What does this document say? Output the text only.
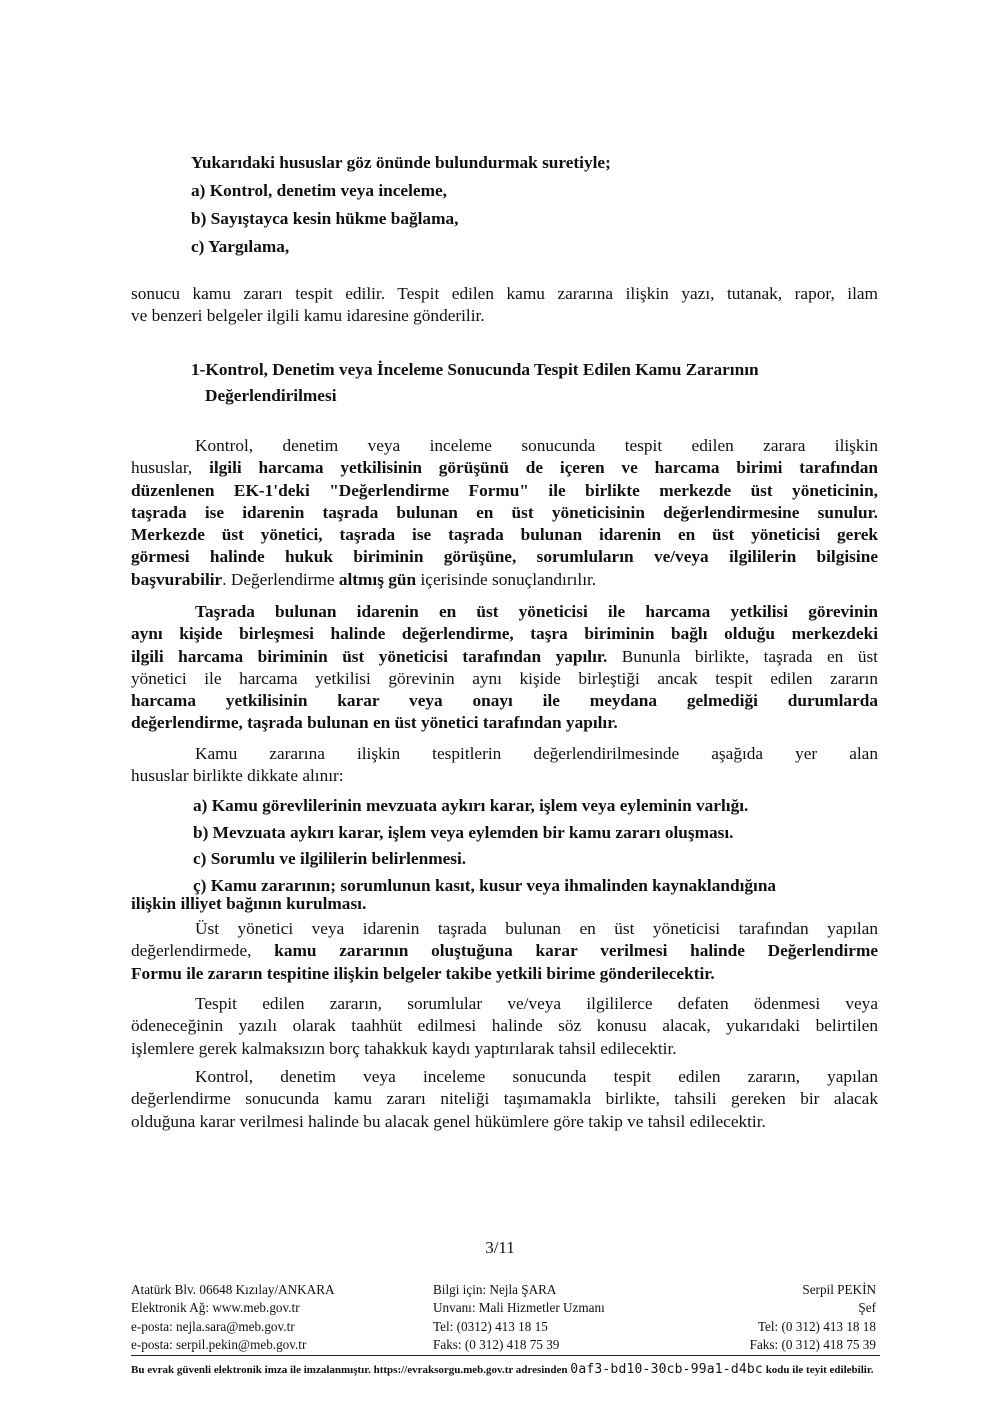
Yukarıdaki hususlar göz önünde bulundurmak suretiyle;
a) Kontrol, denetim veya inceleme,
b) Sayıştayca kesin hükme bağlama,
c) Yargılama,
sonucu kamu zararı tespit edilir. Tespit edilen kamu zararına ilişkin yazı, tutanak, rapor, ilam
ve benzeri belgeler ilgili kamu idaresine gönderilir.
1-Kontrol, Denetim veya İnceleme Sonucunda Tespit Edilen Kamu Zararının
Değerlendirilmesi
Kontrol, denetim veya inceleme sonucunda tespit edilen zarara ilişkin
hususlar, ilgili harcama yetkilisinin görüşünü de içeren ve harcama birimi tarafından
düzenlenen EK-1'deki "Değerlendirme Formu" ile birlikte merkezde üst yöneticinin,
taşrada ise idarenin taşrada bulunan en üst yöneticisinin değerlendirmesine sunulur.
Merkezde üst yönetici, taşrada ise taşrada bulunan idarenin en üst yöneticisi gerek
görmesi halinde hukuk biriminin görüşüne, sorumluların ve/veya ilgililerin bilgisine
başvurabilir. Değerlendirme altmış gün içerisinde sonuçlandırılır.
Taşrada bulunan idarenin en üst yöneticisi ile harcama yetkilisi görevinin
aynı kişide birleşmesi halinde değerlendirme, taşra biriminin bağlı olduğu merkezdeki
ilgili harcama biriminin üst yöneticisi tarafından yapılır. Bununla birlikte, taşrada en üst
yönetici ile harcama yetkilisi görevinin aynı kişide birleştiği ancak tespit edilen zararın
harcama yetkilisinin karar veya onayı ile meydana gelmediği durumlarda
değerlendirme, taşrada bulunan en üst yönetici tarafından yapılır.
Kamu zararına ilişkin tespitlerin değerlendirilmesinde aşağıda yer alan
hususlar birlikte dikkate alınır:
a) Kamu görevlilerinin mevzuata aykırı karar, işlem veya eyleminin varlığı.
b) Mevzuata aykırı karar, işlem veya eylemden bir kamu zararı oluşması.
c) Sorumlu ve ilgililerin belirlenmesi.
ç) Kamu zararının; sorumlunun kasıt, kusur veya ihmalinden kaynaklandığına
ilişkin illiyet bağının kurulması.
Üst yönetici veya idarenin taşrada bulunan en üst yöneticisi tarafından yapılan
değerlendirmede, kamu zararının oluştuğuna karar verilmesi halinde Değerlendirme
Formu ile zararın tespitine ilişkin belgeler takibe yetkili birime gönderilecektir.
Tespit edilen zararın, sorumlular ve/veya ilgililerce defaten ödenmesi veya
ödeneceğinin yazılı olarak taahhüt edilmesi halinde söz konusu alacak, yukarıdaki belirtilen
işlemlere gerek kalmaksızın borç tahakkuk kaydı yaptırılarak tahsil edilecektir.
Kontrol, denetim veya inceleme sonucunda tespit edilen zararın, yapılan
değerlendirme sonucunda kamu zararı niteliği taşımamakla birlikte, tahsili gereken bir alacak
olduğuna karar verilmesi halinde bu alacak genel hükümlere göre takip ve tahsil edilecektir.
3/11
Atatürk Blv. 06648 Kızılay/ANKARA
Elektronik Ağ: www.meb.gov.tr
e-posta: nejla.sara@meb.gov.tr
e-posta: serpil.pekin@meb.gov.tr
Bilgi için: Nejla ŞARA
Unvanı: Mali Hizmetler Uzmanı
Tel: (0312) 413 18 15
Faks: (0 312) 418 75 39
Serpil PEKİN
Şef
Tel: (0 312) 413 18 18
Faks: (0 312) 418 75 39
Bu evrak güvenli elektronik imza ile imzalanmıştır. https://evraksorgu.meb.gov.tr adresinden 0af3-bd10-30cb-99a1-d4bc kodu ile teyit edilebilir.
